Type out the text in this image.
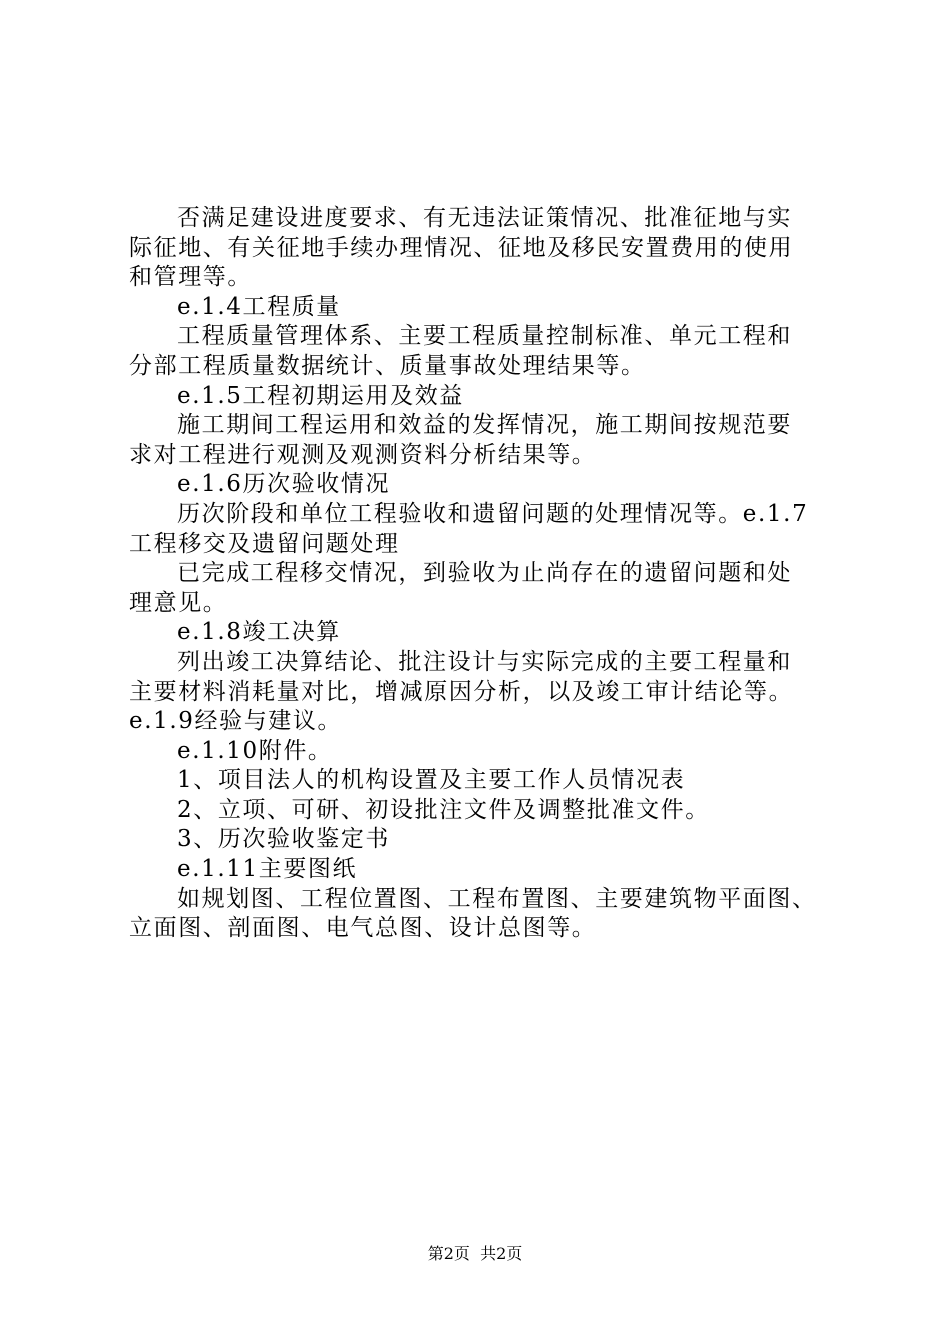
否满足建设进度要求、有无违法证策情况、批准征地与实
际征地、有关征地手续办理情况、征地及移民安置费用的使用
和管理等。
e.1.4工程质量
工程质量管理体系、主要工程质量控制标准、单元工程和
分部工程质量数据统计、质量事故处理结果等。
e.1.5工程初期运用及效益
施工期间工程运用和效益的发挥情况，施工期间按规范要
求对工程进行观测及观测资料分析结果等。
e.1.6历次验收情况
历次阶段和单位工程验收和遗留问题的处理情况等。e.1.7
工程移交及遗留问题处理
已完成工程移交情况，到验收为止尚存在的遗留问题和处
理意见。
e.1.8竣工决算
列出竣工决算结论、批注设计与实际完成的主要工程量和
主要材料消耗量对比，增减原因分析，以及竣工审计结论等。
e.1.9经验与建议。
e.1.10附件。
1、项目法人的机构设置及主要工作人员情况表
2、立项、可研、初设批注文件及调整批准文件。
3、历次验收鉴定书
e.1.11主要图纸
如规划图、工程位置图、工程布置图、主要建筑物平面图、
立面图、剖面图、电气总图、设计总图等。
第2页  共2页
